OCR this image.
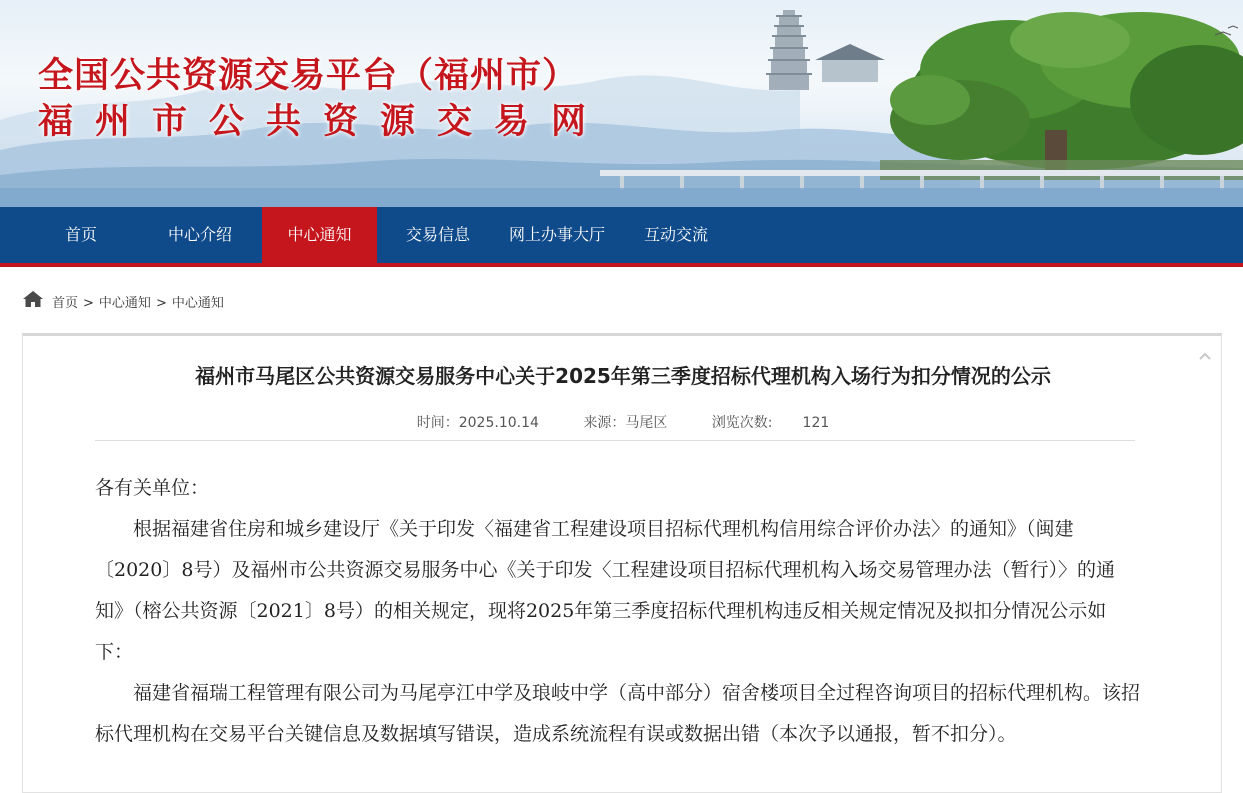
全国公共资源交易平台（福州市）
福州市公共资源交易网
首页	中心介绍	中心通知	交易信息	网上办事大厅	互动交流
首页 > 中心通知 > 中心通知
福州市马尾区公共资源交易服务中心关于2025年第三季度招标代理机构入场行为扣分情况的公示
时间：2025.10.14	来源：马尾区	浏览次数: 121

各有关单位：

根据福建省住房和城乡建设厅《关于印发〈福建省工程建设项目招标代理机构信用综合评价办法〉的通知》（闽建〔2020〕8号）及福州市公共资源交易服务中心《关于印发〈工程建设项目招标代理机构入场交易管理办法（暂行）〉的通知》（榕公共资源〔2021〕8号）的相关规定，现将2025年第三季度招标代理机构违反相关规定情况及拟扣分情况公示如下：

福建省福瑞工程管理有限公司为马尾亭江中学及琅岐中学（高中部分）宿舍楼项目全过程咨询项目的招标代理机构。该招标代理机构在交易平台关键信息及数据填写错误，造成系统流程有误或数据出错（本次予以通报，暂不扣分）。
